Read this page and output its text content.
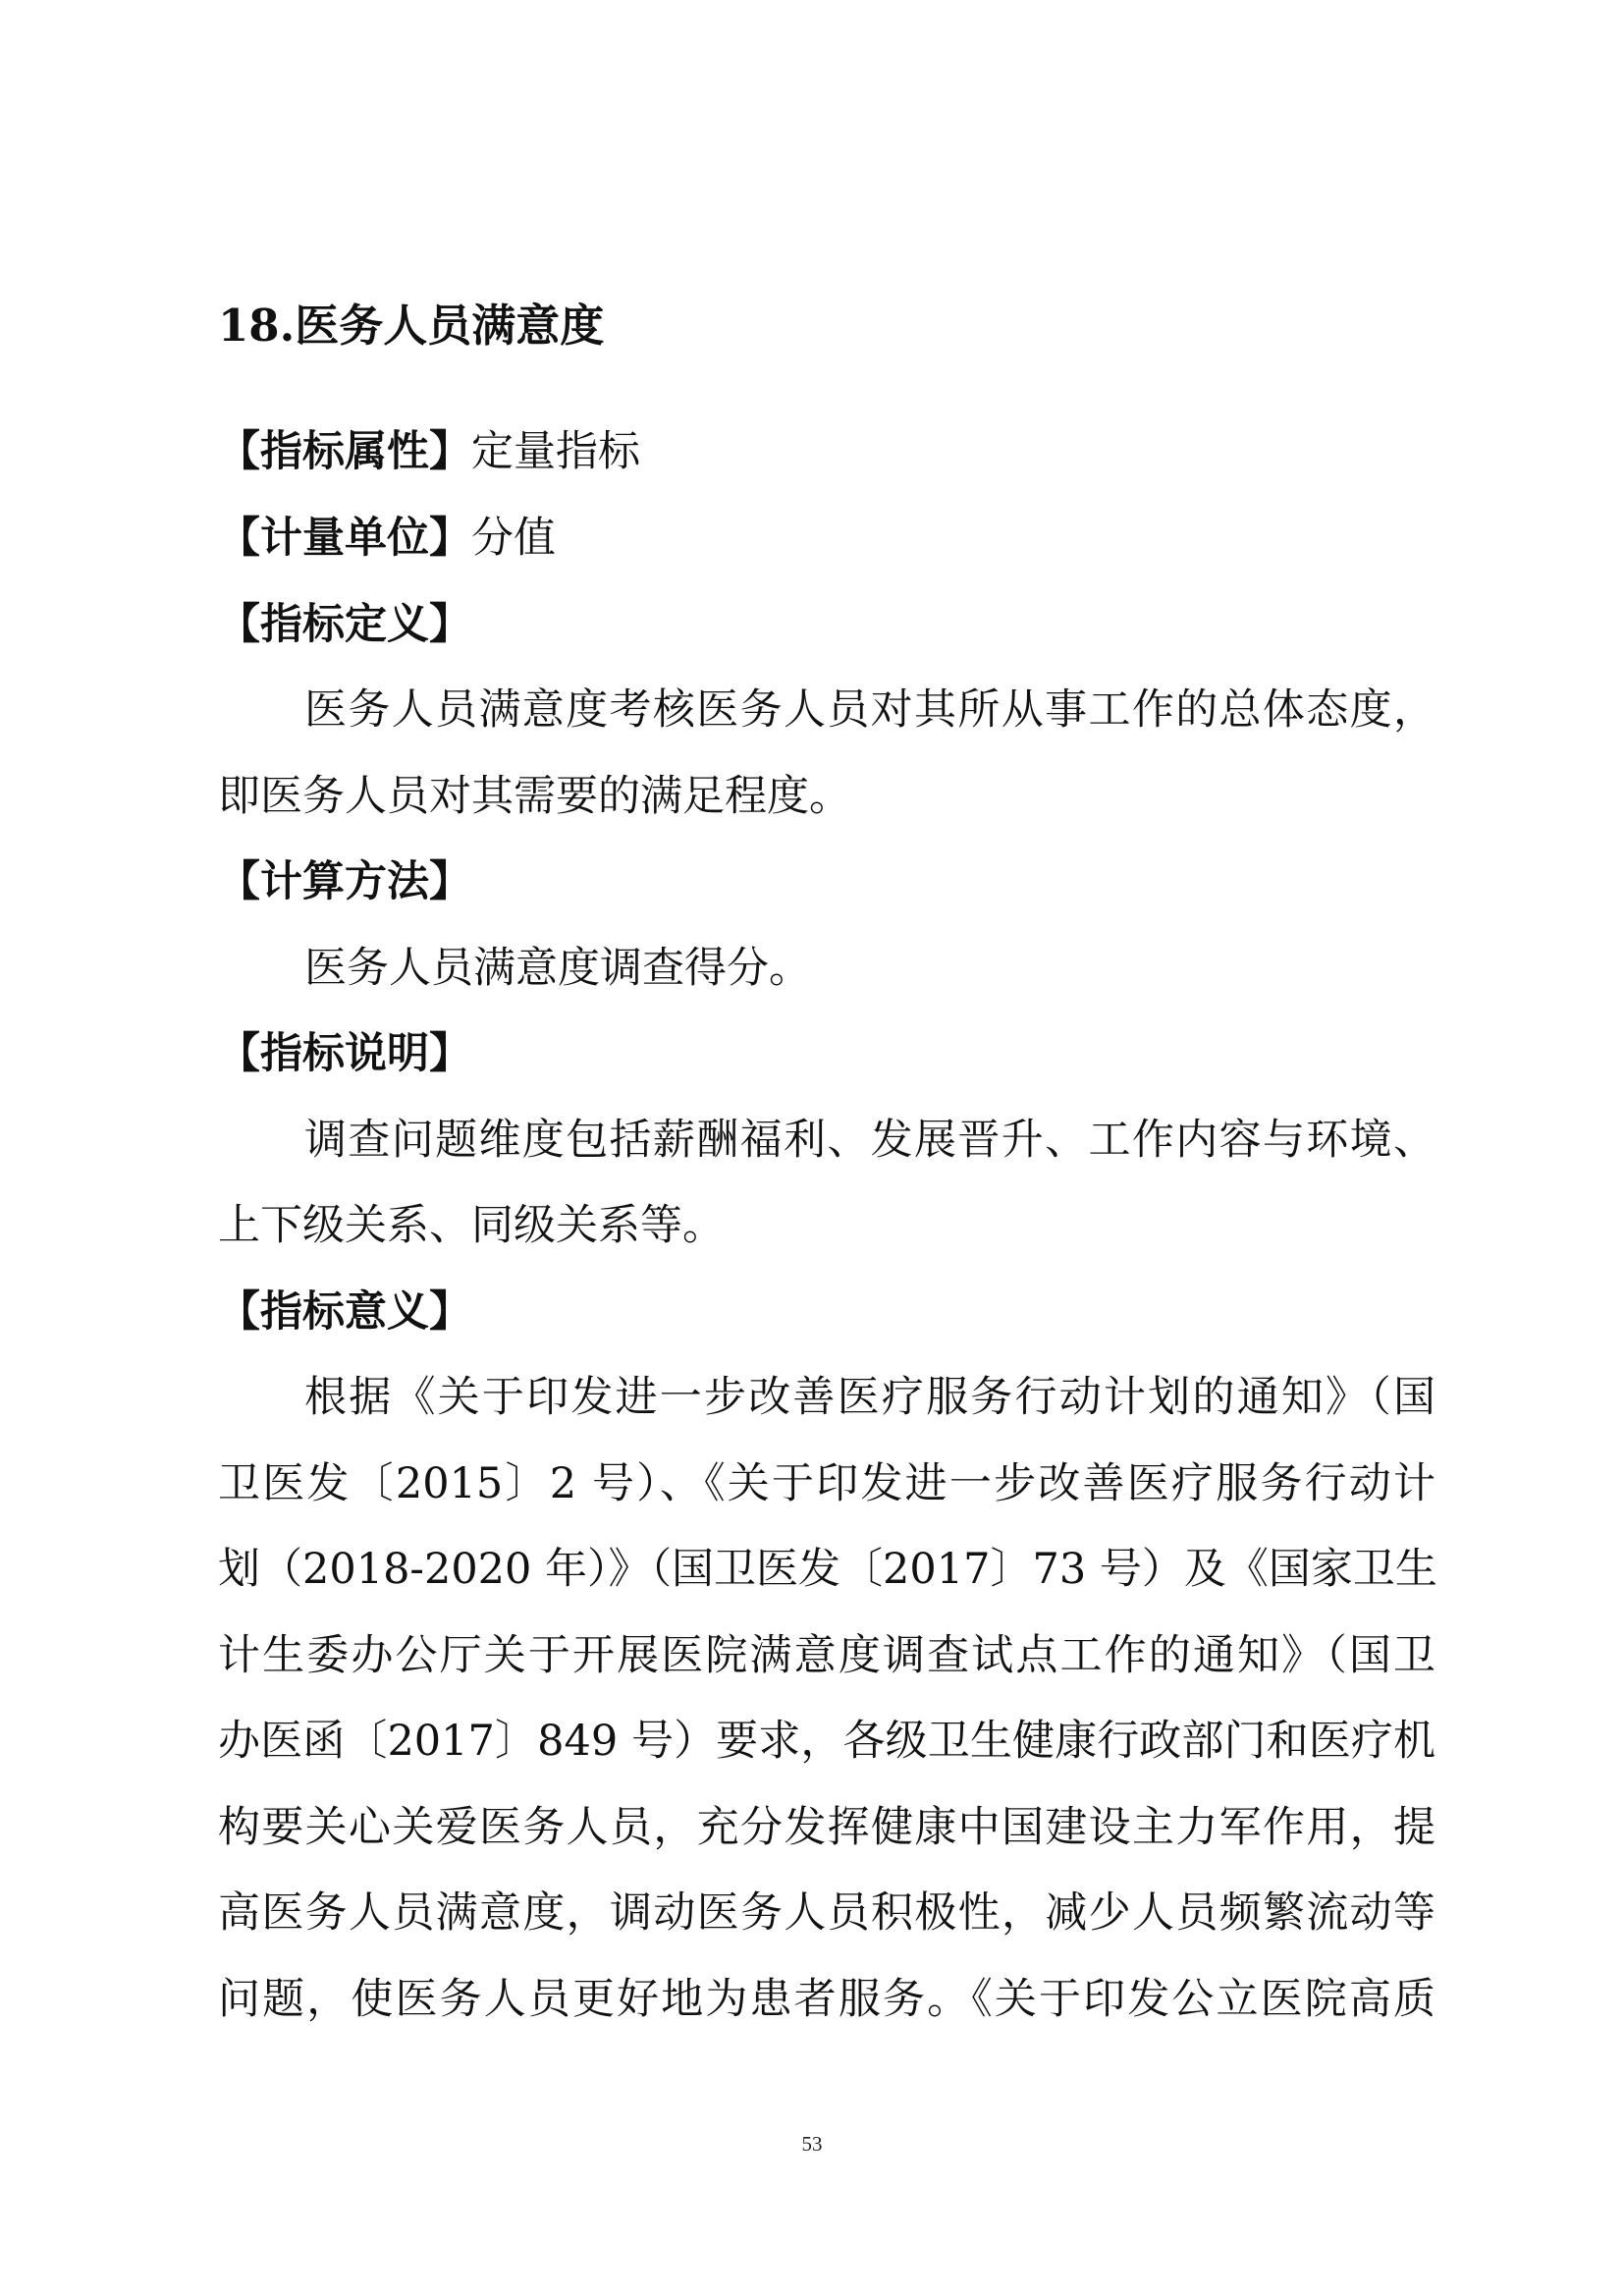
18.医务人员满意度
【指标属性】定量指标
【计量单位】分值
【指标定义】
医务人员满意度考核医务人员对其所从事工作的总体态度，
即医务人员对其需要的满足程度。
【计算方法】
医务人员满意度调查得分。
【指标说明】
调查问题维度包括薪酬福利、发展晋升、工作内容与环境、
上下级关系、同级关系等。
【指标意义】
根据《关于印发进一步改善医疗服务行动计划的通知》（国
卫医发〔2015〕2 号）、《关于印发进一步改善医疗服务行动计
划（2018-2020 年）》（国卫医发〔2017〕73 号）及《国家卫生
计生委办公厅关于开展医院满意度调查试点工作的通知》（国卫
办医函〔2017〕849 号）要求，各级卫生健康行政部门和医疗机
构要关心关爱医务人员，充分发挥健康中国建设主力军作用，提
高医务人员满意度，调动医务人员积极性，减少人员频繁流动等
问题，使医务人员更好地为患者服务。《关于印发公立医院高质
53
